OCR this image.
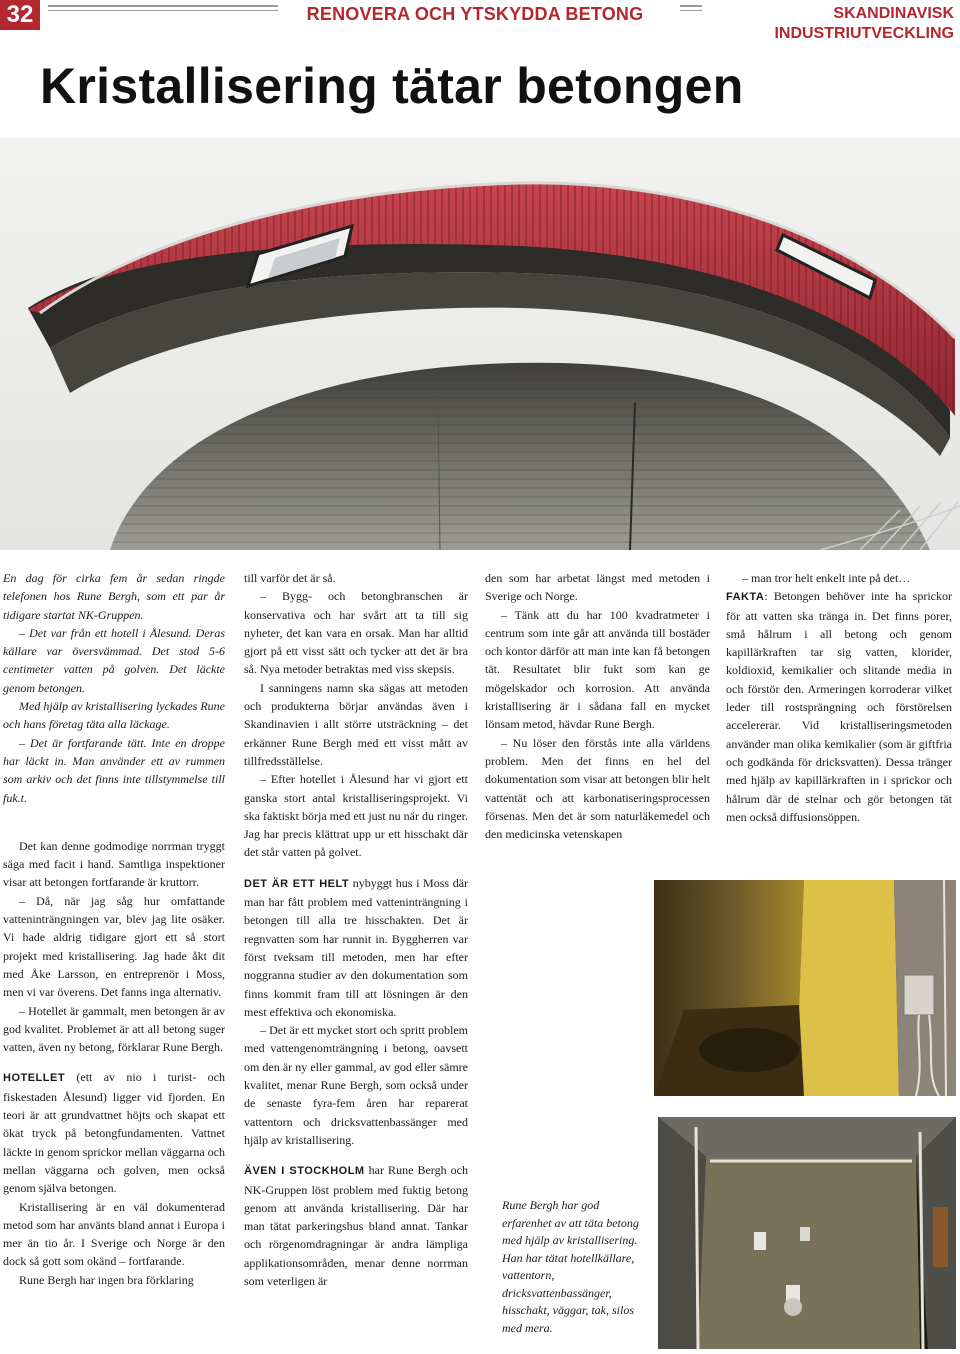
32	RENOVERA OCH YTSKYDDA BETONG	SKANDINAVISK
INDUSTRIUTVECKLING
Kristallisering tätar betongen

En dag för cirka fem år sedan ringde telefonen hos Rune Bergh, som ett par år tidigare startat NK-Gruppen.

– Det var från ett hotell i Ålesund. Deras källare var översvämmad. Det stod 5-6 centimeter vatten på golven. Det läckte genom betongen.

Med hjälp av kristallisering lyckades Rune och hans företag täta alla läckage.

– Det är fortfarande tätt. Inte en droppe har läckt in. Man använder ett av rummen som arkiv och det finns inte tillstymmelse till fuk.t.

Det kan denne godmodige norrman tryggt säga med facit i hand. Samtliga inspektioner visar att betongen fortfarande är kruttorr.

– Då, när jag såg hur omfattande vatteninträngningen var, blev jag lite osäker. Vi hade aldrig tidigare gjort ett så stort projekt med kristallisering. Jag hade åkt dit med Åke Larsson, en entreprenör i Moss, men vi var överens. Det fanns inga alternativ.

– Hotellet är gammalt, men betongen är av god kvalitet. Problemet är att all betong suger vatten, även ny betong, förklarar Rune Bergh.

HOTELLET (ett av nio i turist- och fiskestaden Ålesund) ligger vid fjorden. En teori är att grundvattnet höjts och skapat ett ökat tryck på betongfundamenten. Vattnet läckte in genom sprickor mellan väggarna och mellan väggarna och golven, men också genom själva betongen.

Kristallisering är en väl dokumenterad metod som har använts bland annat i Europa i mer än tio år. I Sverige och Norge är den dock så gott som okänd – fortfarande.

Rune Bergh har ingen bra förklaring

till varför det är så.

– Bygg- och betongbranschen är konservativa och har svårt att ta till sig nyheter, det kan vara en orsak. Man har alltid gjort på ett visst sätt och tycker att det är bra så. Nya metoder betraktas med viss skepsis.

I sanningens namn ska sägas att metoden och produkterna börjar användas även i Skandinavien i allt större utsträckning – det erkänner Rune Bergh med ett visst mått av tillfredsställelse.

– Efter hotellet i Ålesund har vi gjort ett ganska stort antal kristalliseringsprojekt. Vi ska faktiskt börja med ett just nu när du ringer. Jag har precis klättrat upp ur ett hisschakt där det står vatten på golvet.

DET ÄR ETT HELT nybyggt hus i Moss där man har fått problem med vatteninträngning i betongen till alla tre hisschakten. Det är regnvatten som har runnit in. Byggherren var först tveksam till metoden, men har efter noggranna studier av den dokumentation som finns kommit fram till att lösningen är den mest effektiva och ekonomiska.

– Det är ett mycket stort och spritt problem med vattengenomträngning i betong, oavsett om den är ny eller gammal, av god eller sämre kvalitet, menar Rune Bergh, som också under de senaste fyra-fem åren har reparerat vattentorn och dricksvattenbassänger med hjälp av kristallisering.

ÄVEN I STOCKHOLM har Rune Bergh och NK-Gruppen löst problem med fuktig betong genom att använda kristallisering. Där har man tätat parkeringshus bland annat. Tankar och rörgenomdragningar är andra lämpliga applikationsområden, menar denne norrman som veterligen är

den som har arbetat längst med metoden i Sverige och Norge.

– Tänk att du har 100 kvadratmeter i centrum som inte går att använda till bostäder och kontor därför att man inte kan få betongen tät. Resultatet blir fukt som kan ge mögelskador och korrosion. Att använda kristallisering är i sådana fall en mycket lönsam metod, hävdar Rune Bergh.

– Nu löser den förstås inte alla världens problem. Men det finns en hel del dokumentation som visar att betongen blir helt vattentät och att karbonatiseringsprocessen försenas. Men det är som naturläkemedel och den medicinska vetenskapen

– man tror helt enkelt inte på det…

FAKTA: Betongen behöver inte ha sprickor för att vatten ska tränga in. Det finns porer, små hålrum i all betong och genom kapillärkraften tar sig vatten, klorider, koldioxid, kemikalier och slitande media in och förstör den. Armeringen korroderar vilket leder till rostsprängning och förstörelsen accelererar. Vid kristalliseringsmetoden använder man olika kemikalier (som är giftfria och godkända för dricksvatten). Dessa tränger med hjälp av kapillärkraften in i sprickor och hålrum där de stelnar och gör betongen tät men också diffusionsöppen.

Rune Bergh har god erfarenhet av att täta betong med hjälp av kristallisering. Han har tätat hotellkällare, vattentorn, dricksvattenbassänger, hisschakt, väggar, tak, silos med mera.
